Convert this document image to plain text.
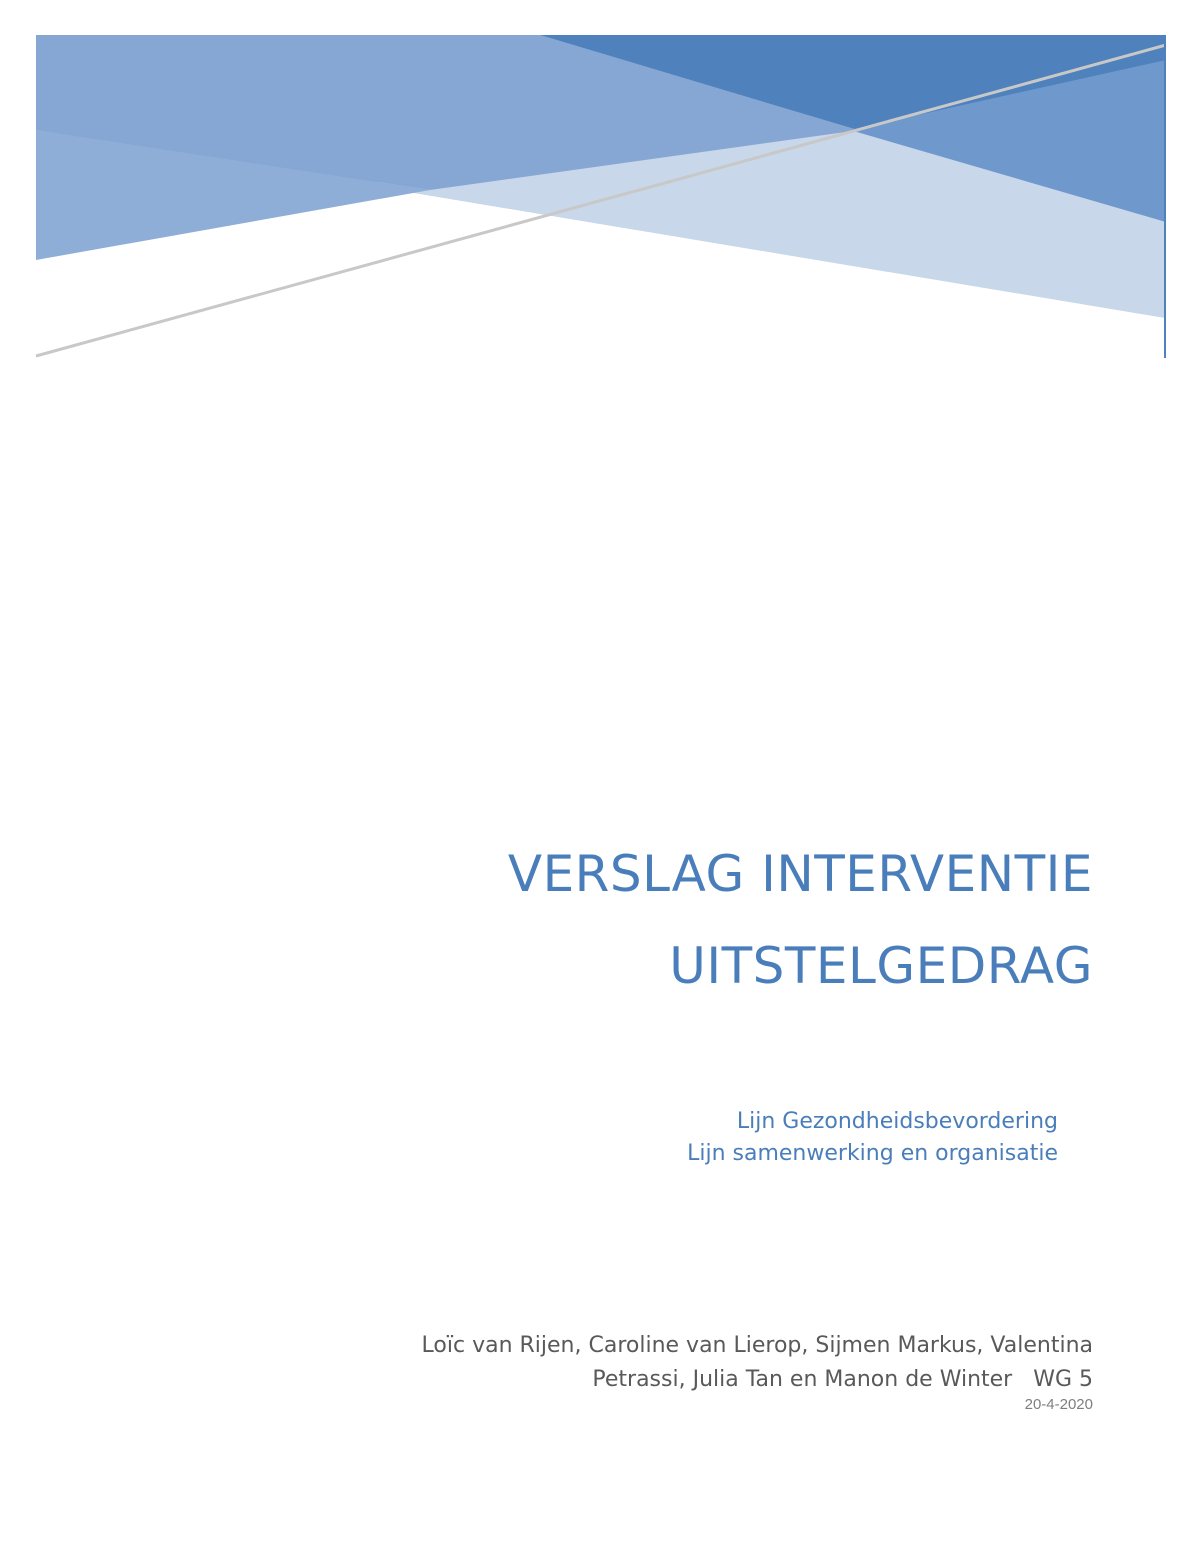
VERSLAG INTERVENTIE
UITSTELGEDRAG
Lijn Gezondheidsbevordering
Lijn samenwerking en organisatie
Loïc van Rijen, Caroline van Lierop, Sijmen Markus, Valentina
Petrassi, Julia Tan en Manon de Winter   WG 5
20-4-2020
